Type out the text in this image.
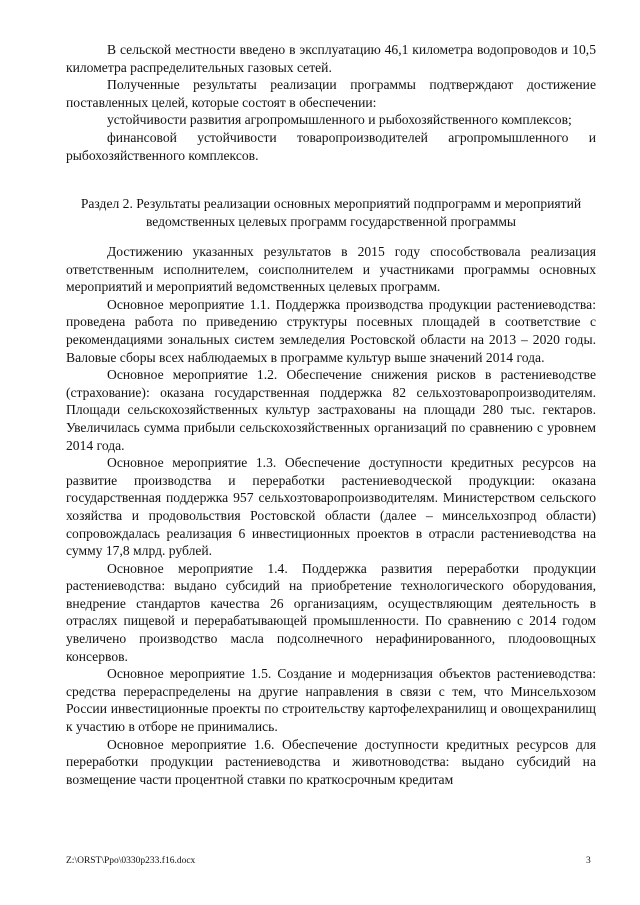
В сельской местности введено в эксплуатацию 46,1 километра водопроводов и 10,5 километра распределительных газовых сетей.

Полученные результаты реализации программы подтверждают достижение поставленных целей, которые состоят в обеспечении:

устойчивости развития агропромышленного и рыбохозяйственного комплексов;

финансовой устойчивости товаропроизводителей агропромышленного и рыбохозяйственного комплексов.

Раздел 2. Результаты реализации основных мероприятий подпрограмм и мероприятий ведомственных целевых программ государственной программы

Достижению указанных результатов в 2015 году способствовала реализация ответственным исполнителем, соисполнителем и участниками программы основных мероприятий и мероприятий ведомственных целевых программ.

Основное мероприятие 1.1. Поддержка производства продукции растениеводства: проведена работа по приведению структуры посевных площадей в соответствие с рекомендациями зональных систем земледелия Ростовской области на 2013 – 2020 годы. Валовые сборы всех наблюдаемых в программе культур выше значений 2014 года.

Основное мероприятие 1.2. Обеспечение снижения рисков в растениеводстве (страхование): оказана государственная поддержка 82 сельхозтоваропроизводителям. Площади сельскохозяйственных культур застрахованы на площади 280 тыс. гектаров. Увеличилась сумма прибыли сельскохозяйственных организаций по сравнению с уровнем 2014 года.

Основное мероприятие 1.3. Обеспечение доступности кредитных ресурсов на развитие производства и переработки растениеводческой продукции: оказана государственная поддержка 957 сельхозтоваропроизводителям. Министерством сельского хозяйства и продовольствия Ростовской области (далее – минсельхозпрод области) сопровождалась реализация 6 инвестиционных проектов в отрасли растениеводства на сумму 17,8 млрд. рублей.

Основное мероприятие 1.4. Поддержка развития переработки продукции растениеводства: выдано субсидий на приобретение технологического оборудования, внедрение стандартов качества 26 организациям, осуществляющим деятельность в отраслях пищевой и перерабатывающей промышленности. По сравнению с 2014 годом увеличено производство масла подсолнечного нерафинированного, плодоовощных консервов.

Основное мероприятие 1.5. Создание и модернизация объектов растениеводства: средства перераспределены на другие направления в связи с тем, что Минсельхозом России инвестиционные проекты по строительству картофелехранилищ и овощехранилищ к участию в отборе не принимались.

Основное мероприятие 1.6. Обеспечение доступности кредитных ресурсов для переработки продукции растениеводства и животноводства: выдано субсидий на возмещение части процентной ставки по краткосрочным кредитам

Z:\ORST\Ppo\0330p233.f16.docx	3
